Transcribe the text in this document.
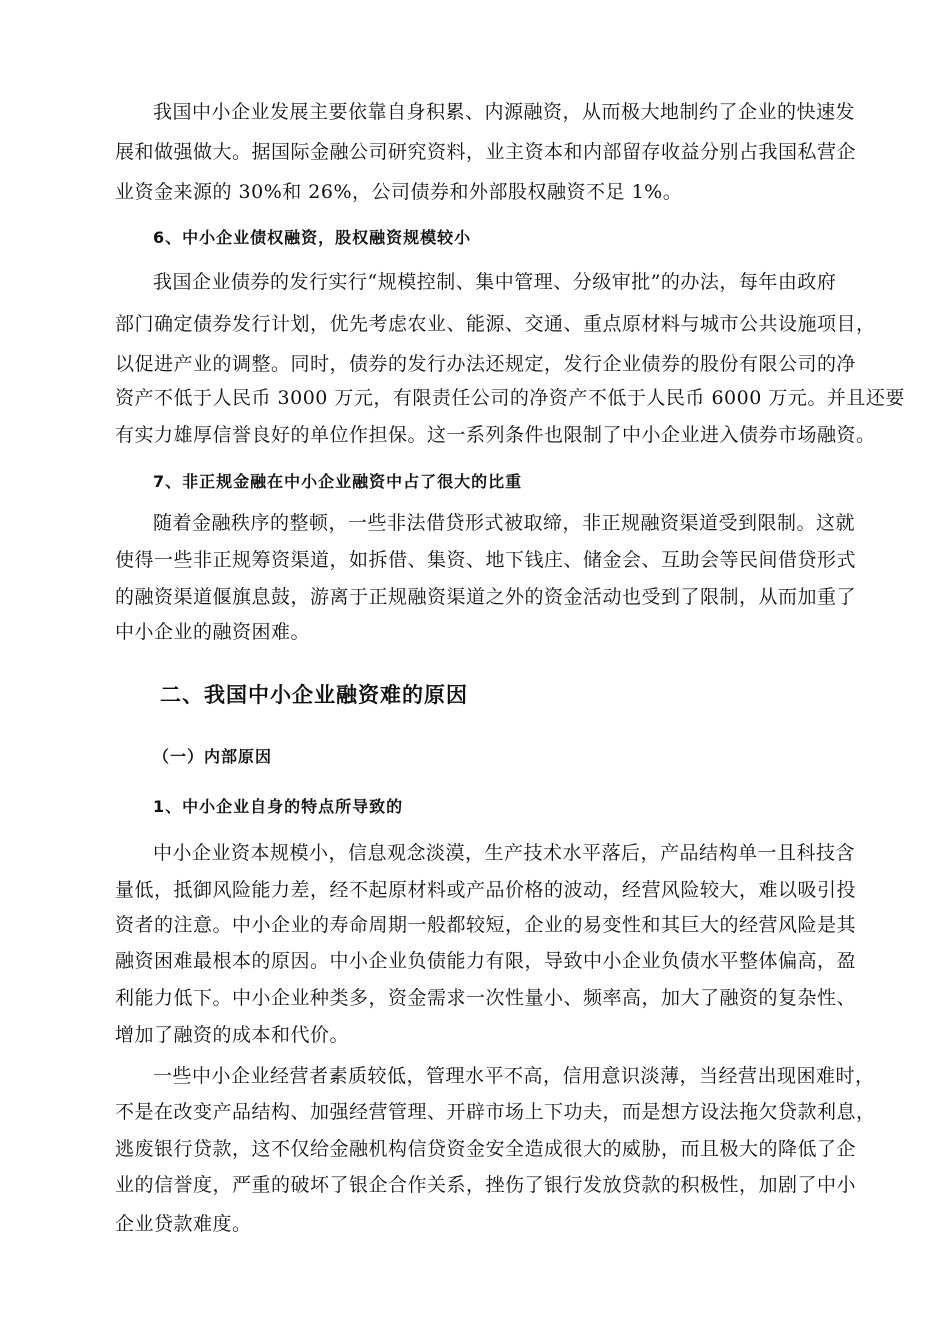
我国中小企业发展主要依靠自身积累、内源融资，从而极大地制约了企业的快速发
展和做强做大。据国际金融公司研究资料，业主资本和内部留存收益分别占我国私营企
业资金来源的 30%和 26%，公司债券和外部股权融资不足 1%。
6、中小企业债权融资，股权融资规模较小
我国企业债券的发行实行“规模控制、集中管理、分级审批”的办法，每年由政府
部门确定债券发行计划，优先考虑农业、能源、交通、重点原材料与城市公共设施项目，
以促进产业的调整。同时，债券的发行办法还规定，发行企业债券的股份有限公司的净
资产不低于人民币 3000 万元，有限责任公司的净资产不低于人民币 6000 万元。并且还要
有实力雄厚信誉良好的单位作担保。这一系列条件也限制了中小企业进入债券市场融资。
7、非正规金融在中小企业融资中占了很大的比重
随着金融秩序的整顿，一些非法借贷形式被取缔，非正规融资渠道受到限制。这就
使得一些非正规筹资渠道，如拆借、集资、地下钱庄、储金会、互助会等民间借贷形式
的融资渠道偃旗息鼓，游离于正规融资渠道之外的资金活动也受到了限制，从而加重了
中小企业的融资困难。
二、我国中小企业融资难的原因
（一）内部原因
1、中小企业自身的特点所导致的
中小企业资本规模小，信息观念淡漠，生产技术水平落后，产品结构单一且科技含
量低，抵御风险能力差，经不起原材料或产品价格的波动，经营风险较大，难以吸引投
资者的注意。中小企业的寿命周期一般都较短，企业的易变性和其巨大的经营风险是其
融资困难最根本的原因。中小企业负债能力有限，导致中小企业负债水平整体偏高，盈
利能力低下。中小企业种类多，资金需求一次性量小、频率高，加大了融资的复杂性、
增加了融资的成本和代价。
一些中小企业经营者素质较低，管理水平不高，信用意识淡薄，当经营出现困难时，
不是在改变产品结构、加强经营管理、开辟市场上下功夫，而是想方设法拖欠贷款利息，
逃废银行贷款，这不仅给金融机构信贷资金安全造成很大的威胁，而且极大的降低了企
业的信誉度，严重的破坏了银企合作关系，挫伤了银行发放贷款的积极性，加剧了中小
企业贷款难度。
